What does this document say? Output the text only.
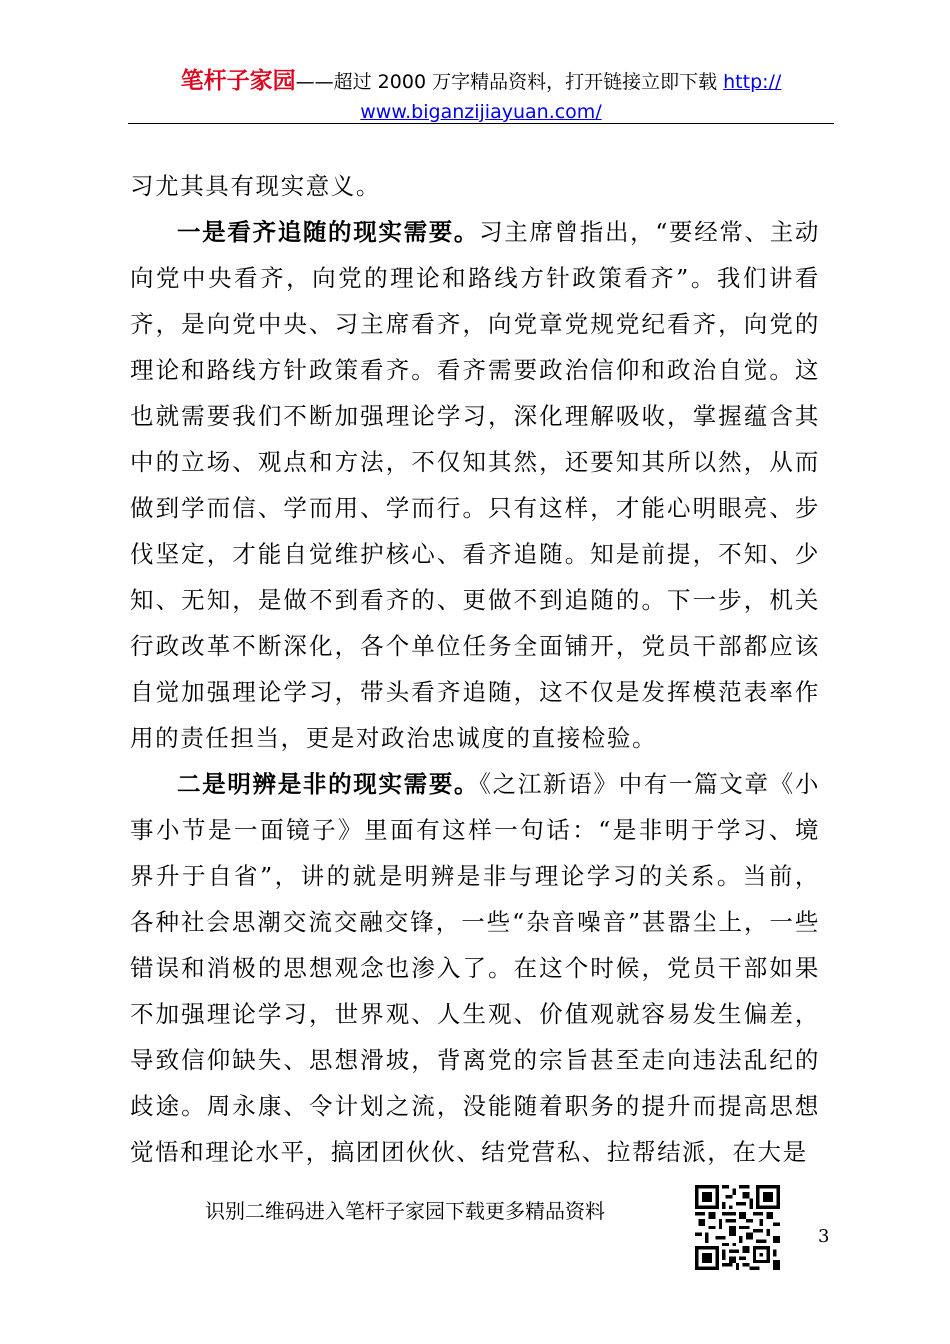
笔杆子家园——超过 2000 万字精品资料，打开链接立即下载 http://
www.biganzijiayuan.com/

习尤其具有现实意义。

一是看齐追随的现实需要。习主席曾指出，“要经常、主动向党中央看齐，向党的理论和路线方针政策看齐”。我们讲看齐，是向党中央、习主席看齐，向党章党规党纪看齐，向党的理论和路线方针政策看齐。看齐需要政治信仰和政治自觉。这也就需要我们不断加强理论学习，深化理解吸收，掌握蕴含其中的立场、观点和方法，不仅知其然，还要知其所以然，从而做到学而信、学而用、学而行。只有这样，才能心明眼亮、步伐坚定，才能自觉维护核心、看齐追随。知是前提，不知、少知、无知，是做不到看齐的、更做不到追随的。下一步，机关行政改革不断深化，各个单位任务全面铺开，党员干部都应该自觉加强理论学习，带头看齐追随，这不仅是发挥模范表率作用的责任担当，更是对政治忠诚度的直接检验。

二是明辨是非的现实需要。《之江新语》中有一篇文章《小事小节是一面镜子》里面有这样一句话：“是非明于学习、境界升于自省”，讲的就是明辨是非与理论学习的关系。当前，各种社会思潮交流交融交锋，一些“杂音噪音”甚嚣尘上，一些错误和消极的思想观念也渗入了。在这个时候，党员干部如果不加强理论学习，世界观、人生观、价值观就容易发生偏差，导致信仰缺失、思想滑坡，背离党的宗旨甚至走向违法乱纪的歧途。周永康、令计划之流，没能随着职务的提升而提高思想觉悟和理论水平，搞团团伙伙、结党营私、拉帮结派，在大是

识别二维码进入笔杆子家园下载更多精品资料
3
